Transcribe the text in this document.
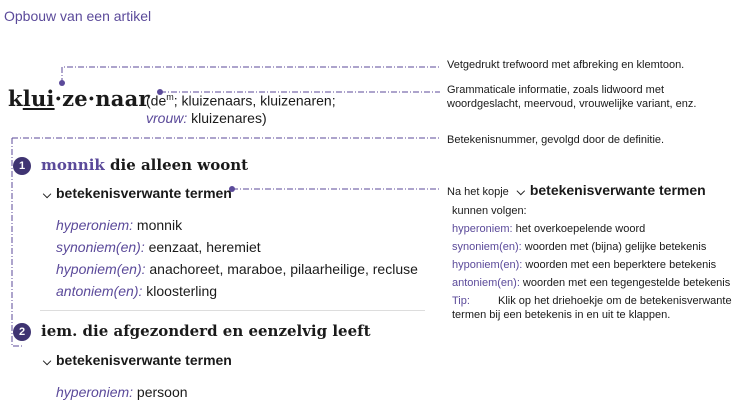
Opbouw van een artikel
klui·ze·naar
($de^m$; kluizenaars, kluizenaren;
vrouw: kluizenares)
1	monnik die alleen woont
⌵ betekenisverwante termen
hyperoniem: monnik
synoniem(en): eenzaat, heremiet
hyponiem(en): anachoreet, maraboe, pilaarheilige, recluse
antoniem(en): kloosterling
2	iem. die afgezonderd en eenzelvig leeft
⌵ betekenisverwante termen
hyperoniem: persoon
Vetgedrukt trefwoord met afbreking en klemtoon.
Grammaticale informatie, zoals lidwoord met
woordgeslacht, meervoud, vrouwelijke variant, enz.
Betekenisnummer, gevolgd door de definitie.
Na het kopje ⌵ betekenisverwante termen
kunnen volgen:
hyperoniem: het overkoepelende woord
synoniem(en): woorden met (bijna) gelijke betekenis
hyponiem(en): woorden met een beperktere betekenis
antoniem(en): woorden met een tegengestelde betekenis
Tip:	Klik op het driehoekje om de betekenisverwante
termen bij een betekenis in en uit te klappen.
